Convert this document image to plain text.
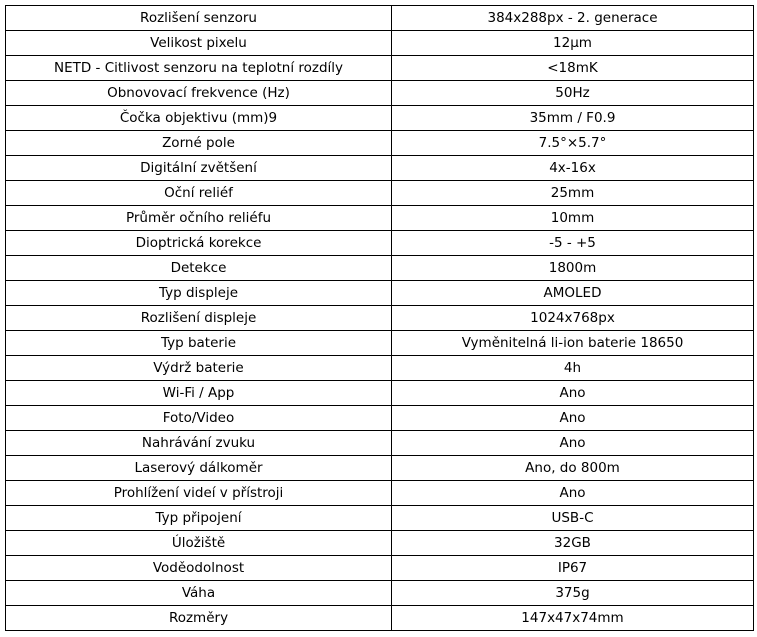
Rozlišení senzoru	384x288px - 2. generace
Velikost pixelu	12μm
NETD - Citlivost senzoru na teplotní rozdíly	<18mK
Obnovovací frekvence (Hz)	50Hz
Čočka objektivu (mm)9	35mm / F0.9
Zorné pole	7.5°×5.7°
Digitální zvětšení	4x-16x
Oční reliéf	25mm
Průměr očního reliéfu	10mm
Dioptrická korekce	-5 - +5
Detekce	1800m
Typ displeje	AMOLED
Rozlišení displeje	1024x768px
Typ baterie	Vyměnitelná li-ion baterie 18650
Výdrž baterie	4h
Wi-Fi / App	Ano
Foto/Video	Ano
Nahrávání zvuku	Ano
Laserový dálkoměr	Ano, do 800m
Prohlížení videí v přístroji	Ano
Typ připojení	USB-C
Úložiště	32GB
Voděodolnost	IP67
Váha	375g
Rozměry	147x47x74mm
